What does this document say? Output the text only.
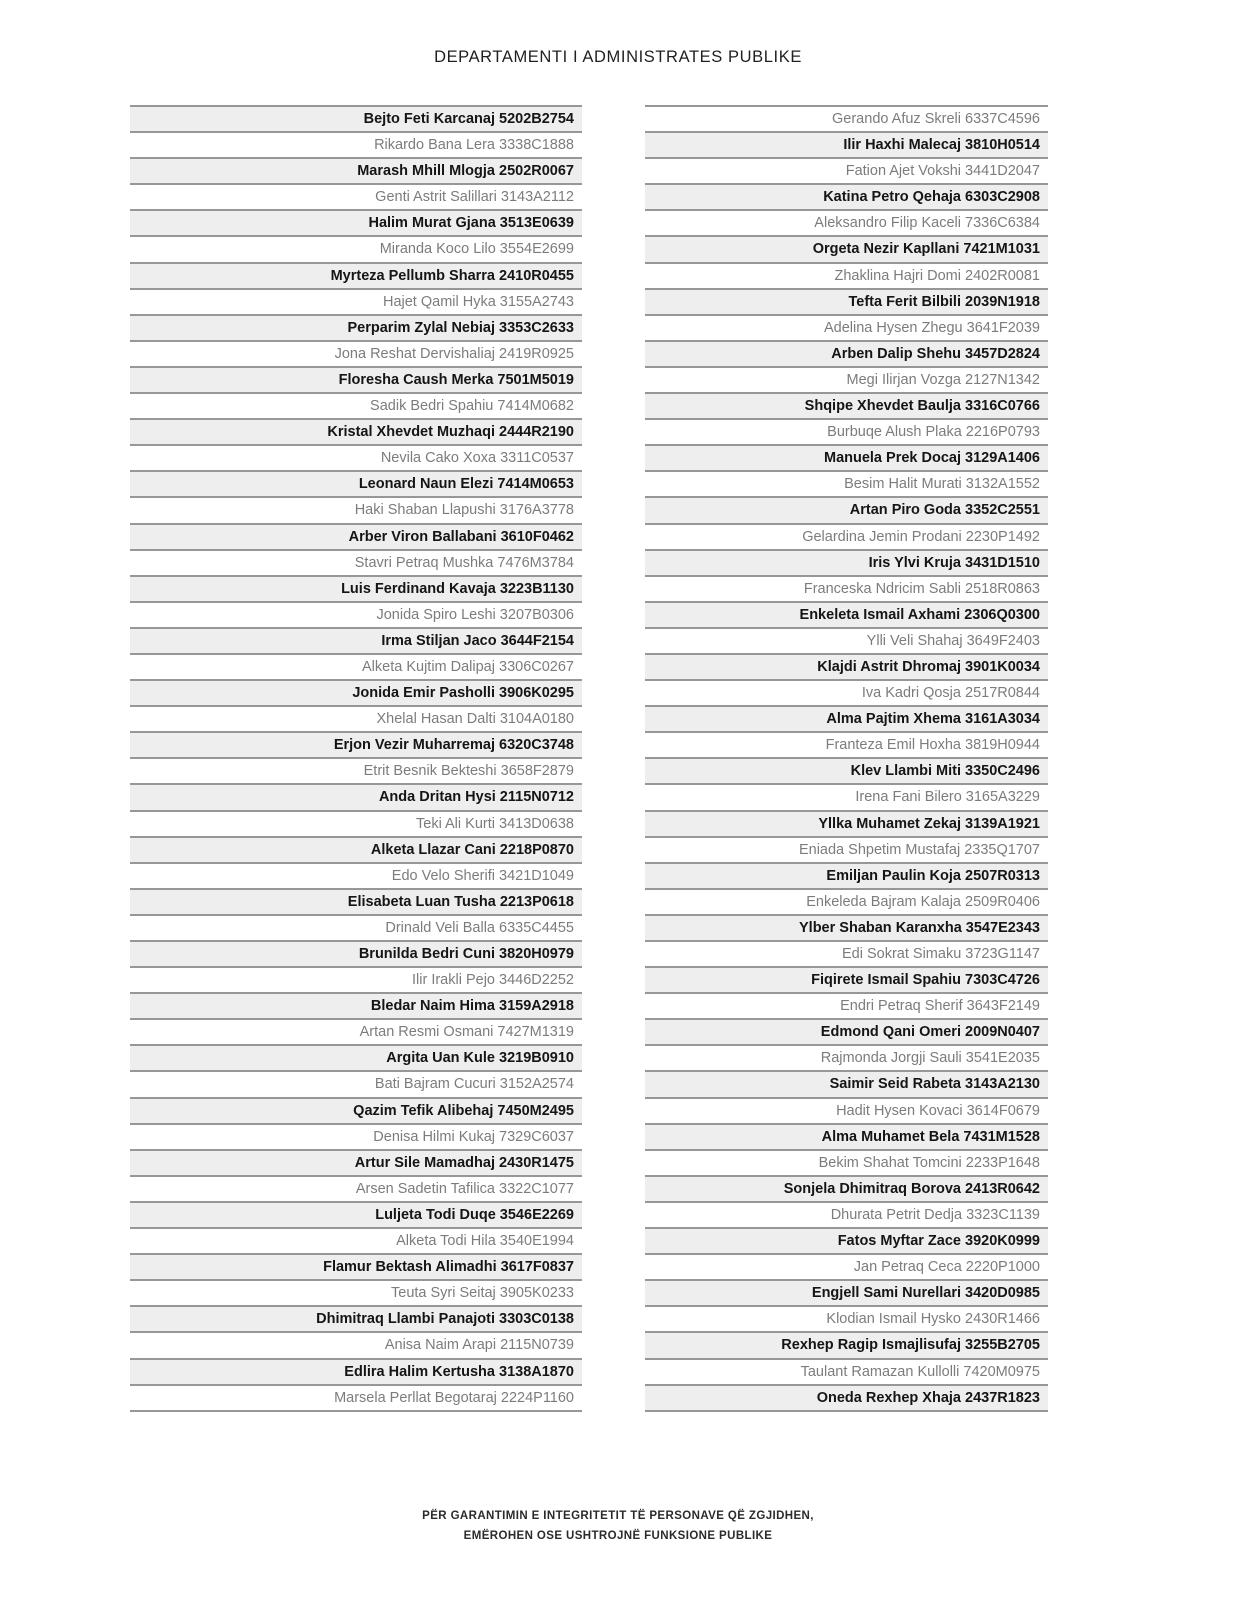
DEPARTAMENTI I ADMINISTRATES PUBLIKE
Bejto Feti Karcanaj 5202B2754
Rikardo Bana Lera 3338C1888
Marash Mhill Mlogja 2502R0067
Genti Astrit Salillari 3143A2112
Halim Murat Gjana 3513E0639
Miranda Koco Lilo 3554E2699
Myrteza Pellumb Sharra 2410R0455
Hajet Qamil Hyka 3155A2743
Perparim Zylal Nebiaj 3353C2633
Jona Reshat Dervishaliaj 2419R0925
Floresha Caush Merka 7501M5019
Sadik Bedri Spahiu 7414M0682
Kristal Xhevdet Muzhaqi 2444R2190
Nevila Cako Xoxa 3311C0537
Leonard Naun Elezi 7414M0653
Haki Shaban Llapushi 3176A3778
Arber Viron Ballabani 3610F0462
Stavri Petraq Mushka 7476M3784
Luis Ferdinand Kavaja 3223B1130
Jonida Spiro Leshi 3207B0306
Irma Stiljan Jaco 3644F2154
Alketa Kujtim Dalipaj 3306C0267
Jonida Emir Pasholli 3906K0295
Xhelal Hasan Dalti 3104A0180
Erjon Vezir Muharremaj 6320C3748
Etrit Besnik Bekteshi 3658F2879
Anda Dritan Hysi 2115N0712
Teki Ali Kurti 3413D0638
Alketa Llazar Cani 2218P0870
Edo Velo Sherifi 3421D1049
Elisabeta Luan Tusha 2213P0618
Drinald Veli Balla 6335C4455
Brunilda Bedri Cuni 3820H0979
Ilir Irakli Pejo 3446D2252
Bledar Naim Hima 3159A2918
Artan Resmi Osmani 7427M1319
Argita Uan Kule 3219B0910
Bati Bajram Cucuri 3152A2574
Qazim Tefik Alibehaj 7450M2495
Denisa Hilmi Kukaj 7329C6037
Artur Sile Mamadhaj 2430R1475
Arsen Sadetin Tafilica 3322C1077
Luljeta Todi Duqe 3546E2269
Alketa Todi Hila 3540E1994
Flamur Bektash Alimadhi 3617F0837
Teuta Syri Seitaj 3905K0233
Dhimitraq Llambi Panajoti 3303C0138
Anisa Naim Arapi 2115N0739
Edlira Halim Kertusha 3138A1870
Marsela Perllat Begotaraj 2224P1160
Gerando Afuz Skreli 6337C4596
Ilir Haxhi Malecaj 3810H0514
Fation Ajet Vokshi 3441D2047
Katina Petro Qehaja 6303C2908
Aleksandro Filip Kaceli 7336C6384
Orgeta Nezir Kapllani 7421M1031
Zhaklina Hajri Domi 2402R0081
Tefta Ferit Bilbili 2039N1918
Adelina Hysen Zhegu 3641F2039
Arben Dalip Shehu 3457D2824
Megi Ilirjan Vozga 2127N1342
Shqipe Xhevdet Baulja 3316C0766
Burbuqe Alush Plaka 2216P0793
Manuela Prek Docaj 3129A1406
Besim Halit Murati 3132A1552
Artan Piro Goda 3352C2551
Gelardina Jemin Prodani 2230P1492
Iris Ylvi Kruja 3431D1510
Franceska Ndricim Sabli 2518R0863
Enkeleta Ismail Axhami 2306Q0300
Ylli Veli Shahaj 3649F2403
Klajdi Astrit Dhromaj 3901K0034
Iva Kadri Qosja 2517R0844
Alma Pajtim Xhema 3161A3034
Franteza Emil Hoxha 3819H0944
Klev Llambi Miti 3350C2496
Irena Fani Bilero 3165A3229
Yllka Muhamet Zekaj 3139A1921
Eniada Shpetim Mustafaj 2335Q1707
Emiljan Paulin Koja 2507R0313
Enkeleda Bajram Kalaja 2509R0406
Ylber Shaban Karanxha 3547E2343
Edi Sokrat Simaku 3723G1147
Fiqirete Ismail Spahiu 7303C4726
Endri Petraq Sherif 3643F2149
Edmond Qani Omeri 2009N0407
Rajmonda Jorgji Sauli 3541E2035
Saimir Seid Rabeta 3143A2130
Hadit Hysen Kovaci 3614F0679
Alma Muhamet Bela 7431M1528
Bekim Shahat Tomcini 2233P1648
Sonjela Dhimitraq Borova 2413R0642
Dhurata Petrit Dedja 3323C1139
Fatos Myftar Zace 3920K0999
Jan Petraq Ceca 2220P1000
Engjell Sami Nurellari 3420D0985
Klodian Ismail Hysko 2430R1466
Rexhep Ragip Ismajlisufaj 3255B2705
Taulant Ramazan Kullolli 7420M0975
Oneda Rexhep Xhaja 2437R1823
PËR GARANTIMIN E INTEGRITETIT TË PERSONAVE QË ZGJIDHEN,
EMËROHEN OSE USHTROJNË FUNKSIONE PUBLIKE
